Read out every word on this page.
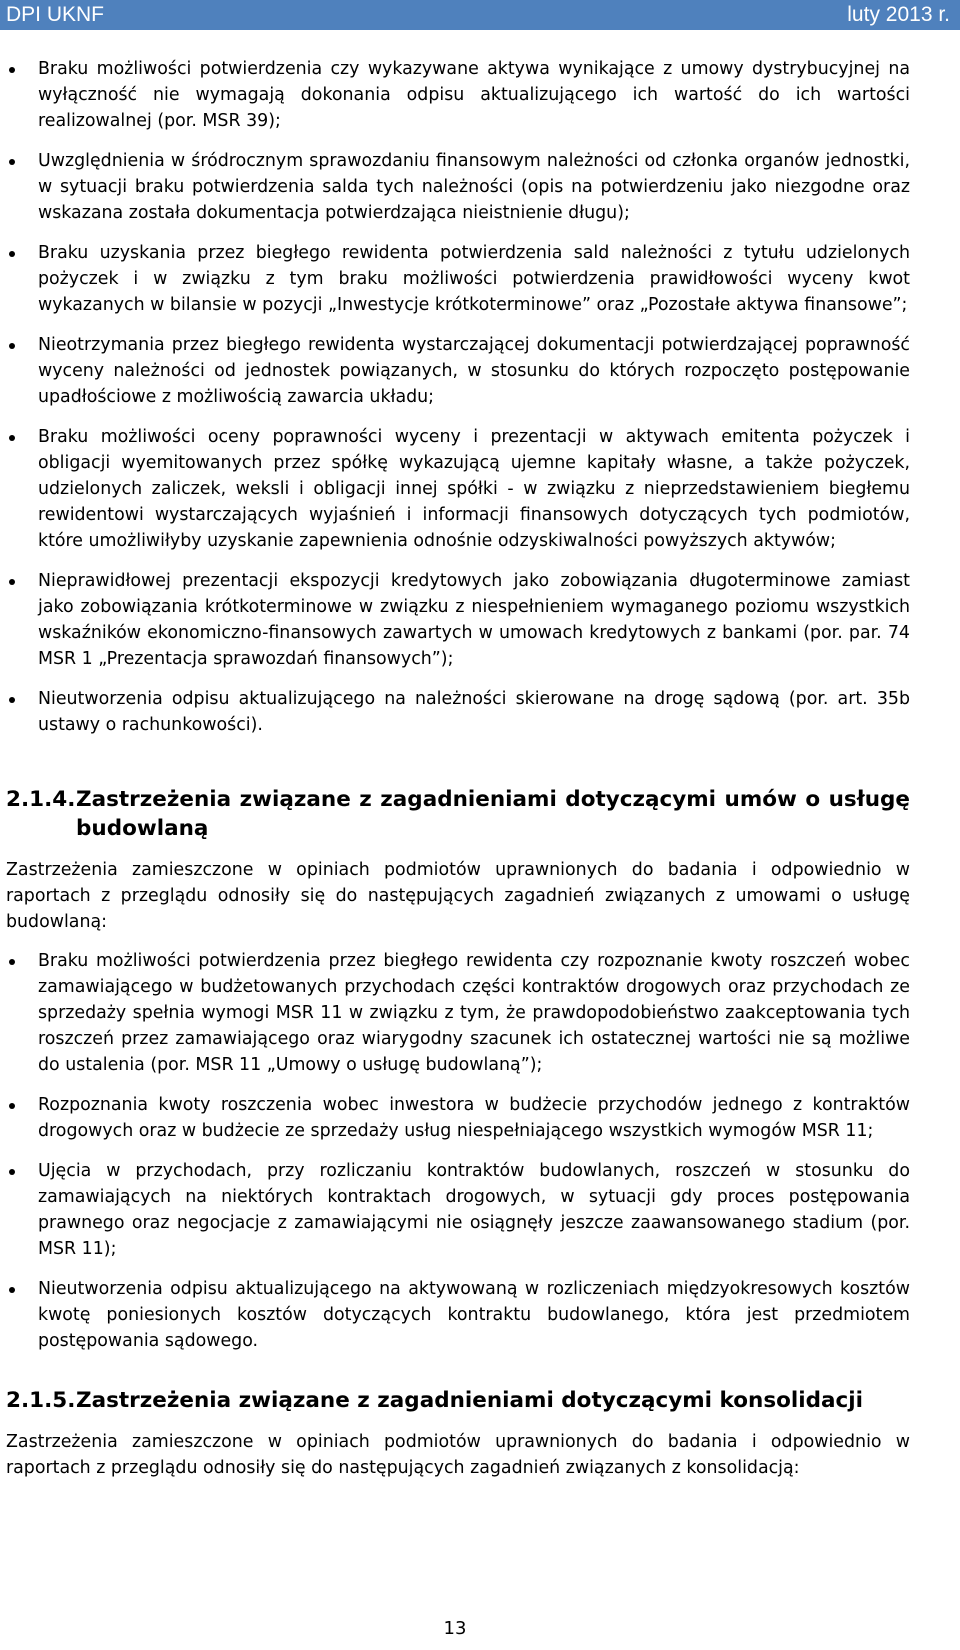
DPI UKNF	luty 2013 r.
Braku możliwości potwierdzenia czy wykazywane aktywa wynikające z umowy dystrybucyjnej na wyłączność nie wymagają dokonania odpisu aktualizującego ich wartość do ich wartości realizowalnej (por. MSR 39);
Uwzględnienia w śródrocznym sprawozdaniu finansowym należności od członka organów jednostki, w sytuacji braku potwierdzenia salda tych należności (opis na potwierdzeniu jako niezgodne oraz wskazana została dokumentacja potwierdzająca nieistnienie długu);
Braku uzyskania przez biegłego rewidenta potwierdzenia sald należności z tytułu udzielonych pożyczek i w związku z tym braku możliwości potwierdzenia prawidłowości wyceny kwot wykazanych w bilansie w pozycji „Inwestycje krótkoterminowe” oraz „Pozostałe aktywa finansowe”;
Nieotrzymania przez biegłego rewidenta wystarczającej dokumentacji potwierdzającej poprawność wyceny należności od jednostek powiązanych, w stosunku do których rozpoczęto postępowanie upadłościowe z możliwością zawarcia układu;
Braku możliwości oceny poprawności wyceny i prezentacji w aktywach emitenta pożyczek i obligacji wyemitowanych przez spółkę wykazującą ujemne kapitały własne, a także pożyczek, udzielonych zaliczek, weksli i obligacji innej spółki - w związku z nieprzedstawieniem biegłemu rewidentowi wystarczających wyjaśnień i informacji finansowych dotyczących tych podmiotów, które umożliwiłyby uzyskanie zapewnienia odnośnie odzyskiwalności powyższych aktywów;
Nieprawidłowej prezentacji ekspozycji kredytowych jako zobowiązania długoterminowe zamiast jako zobowiązania krótkoterminowe w związku z niespełnieniem wymaganego poziomu wszystkich wskaźników ekonomiczno-finansowych zawartych w umowach kredytowych z bankami (por. par. 74 MSR 1 „Prezentacja sprawozdań finansowych”);
Nieutworzenia odpisu aktualizującego na należności skierowane na drogę sądową (por. art. 35b ustawy o rachunkowości).
2.1.4. Zastrzeżenia związane z zagadnieniami dotyczącymi umów o usługę budowlaną

Zastrzeżenia zamieszczone w opiniach podmiotów uprawnionych do badania i odpowiednio w raportach z przeglądu odnosiły się do następujących zagadnień związanych z umowami o usługę budowlaną:

Braku możliwości potwierdzenia przez biegłego rewidenta czy rozpoznanie kwoty roszczeń wobec zamawiającego w budżetowanych przychodach części kontraktów drogowych oraz przychodach ze sprzedaży spełnia wymogi MSR 11 w związku z tym, że prawdopodobieństwo zaakceptowania tych roszczeń przez zamawiającego oraz wiarygodny szacunek ich ostatecznej wartości nie są możliwe do ustalenia (por. MSR 11 „Umowy o usługę budowlaną”);
Rozpoznania kwoty roszczenia wobec inwestora w budżecie przychodów jednego z kontraktów drogowych oraz w budżecie ze sprzedaży usług niespełniającego wszystkich wymogów MSR 11;
Ujęcia w przychodach, przy rozliczaniu kontraktów budowlanych, roszczeń w stosunku do zamawiających na niektórych kontraktach drogowych, w sytuacji gdy proces postępowania prawnego oraz negocjacje z zamawiającymi nie osiągnęły jeszcze zaawansowanego stadium (por. MSR 11);
Nieutworzenia odpisu aktualizującego na aktywowaną w rozliczeniach międzyokresowych kosztów kwotę poniesionych kosztów dotyczących kontraktu budowlanego, która jest przedmiotem postępowania sądowego.
2.1.5. Zastrzeżenia związane z zagadnieniami dotyczącymi konsolidacji

Zastrzeżenia zamieszczone w opiniach podmiotów uprawnionych do badania i odpowiednio w raportach z przeglądu odnosiły się do następujących zagadnień związanych z konsolidacją:

13
